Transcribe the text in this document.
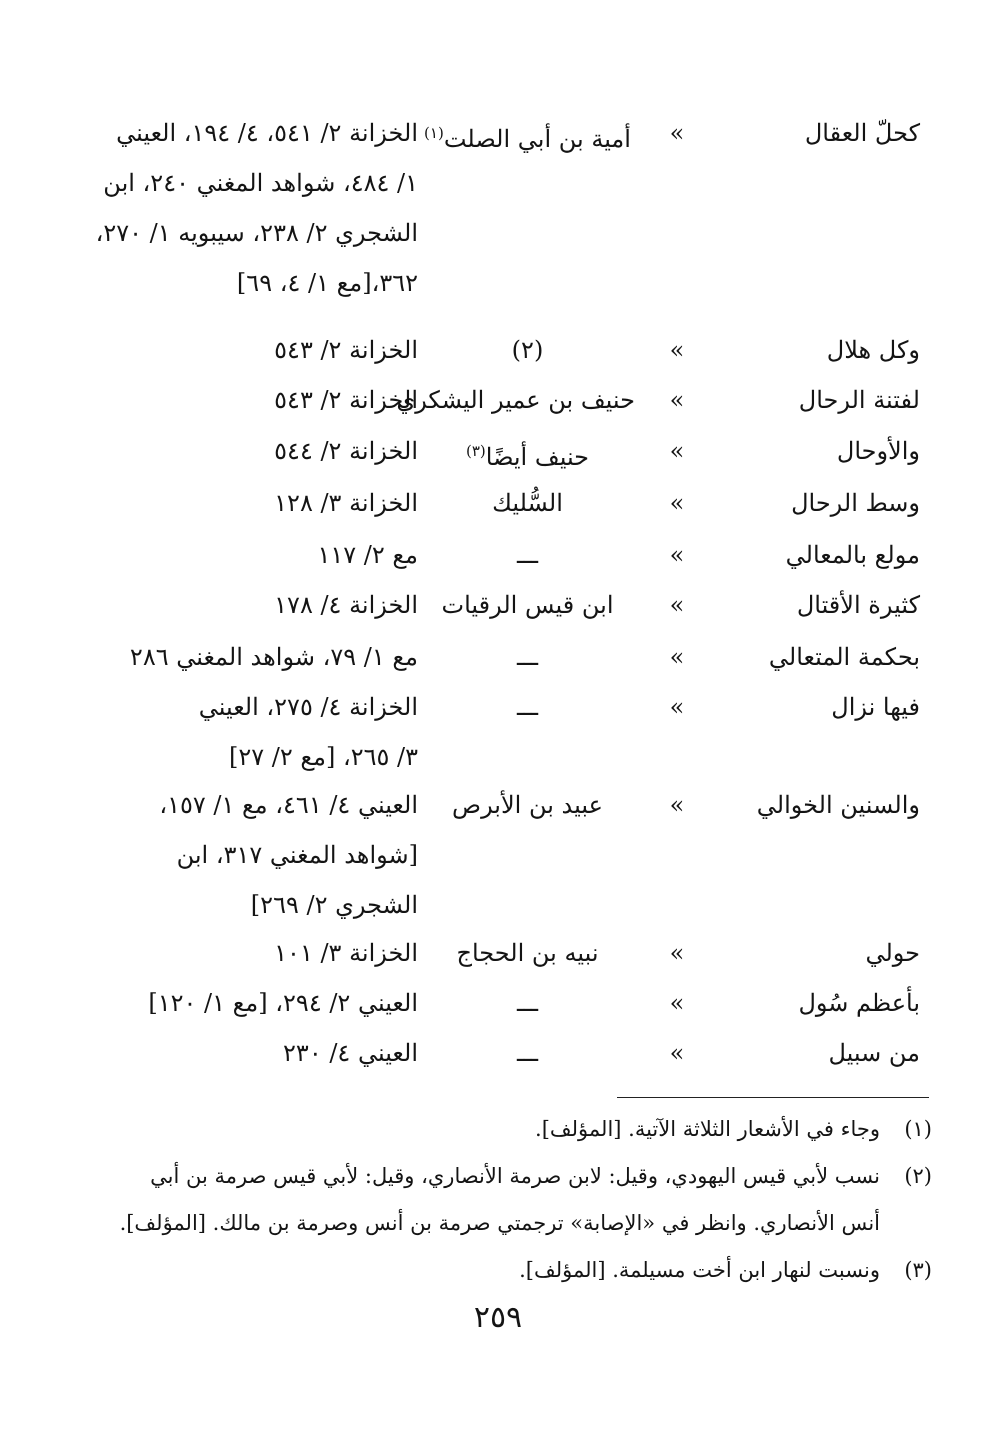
كحلّ العقال
«
أمية بن أبي الصلت$^{(١)}$
الخزانة ٢/ ٥٤١، ٤/ ١٩٤، العيني
١/ ٤٨٤، شواهد المغني ٢٤٠، ابن
الشجري ٢/ ٢٣٨، سيبويه ١/ ٢٧٠،
٣٦٢،[مع ١/ ٤، ٦٩]
وكل هلال
«
(٢)
الخزانة ٢/ ٥٤٣
لفتنة الرحال
«
حنيف بن عمير اليشكري
الخزانة ٢/ ٥٤٣
والأوحال
«
حنيف أيضًا$^{(٣)}$
الخزانة ٢/ ٥٤٤
وسط الرحال
«
السُّليك
الخزانة ٣/ ١٢٨
مولع بالمعالي
«
ـــ
مع ٢/ ١١٧
كثيرة الأقتال
«
ابن قيس الرقيات
الخزانة ٤/ ١٧٨
بحكمة المتعالي
«
ـــ
مع ١/ ٧٩، شواهد المغني ٢٨٦
فيها نزال
«
ـــ
الخزانة ٤/ ٢٧٥، العيني
٣/ ٢٦٥، [مع ٢/ ٢٧]
والسنين الخوالي
«
عبيد بن الأبرص
العيني ٤/ ٤٦١، مع ١/ ١٥٧،
[شواهد المغني ٣١٧، ابن
الشجري ٢/ ٢٦٩]
حولي
«
نبيه بن الحجاج
الخزانة ٣/ ١٠١
بأعظم سُول
«
ـــ
العيني ٢/ ٢٩٤، [مع ١/ ١٢٠]
من سبيل
«
ـــ
العيني ٤/ ٢٣٠
(١)وجاء في الأشعار الثلاثة الآتية. [المؤلف].
(٢)نسب لأبي قيس اليهودي، وقيل: لابن صرمة الأنصاري، وقيل: لأبي قيس صرمة بن أبي
أنس الأنصاري. وانظر في «الإصابة» ترجمتي صرمة بن أنس وصرمة بن مالك. [المؤلف].
(٣)ونسبت لنهار ابن أخت مسيلمة. [المؤلف].
٢٥٩
